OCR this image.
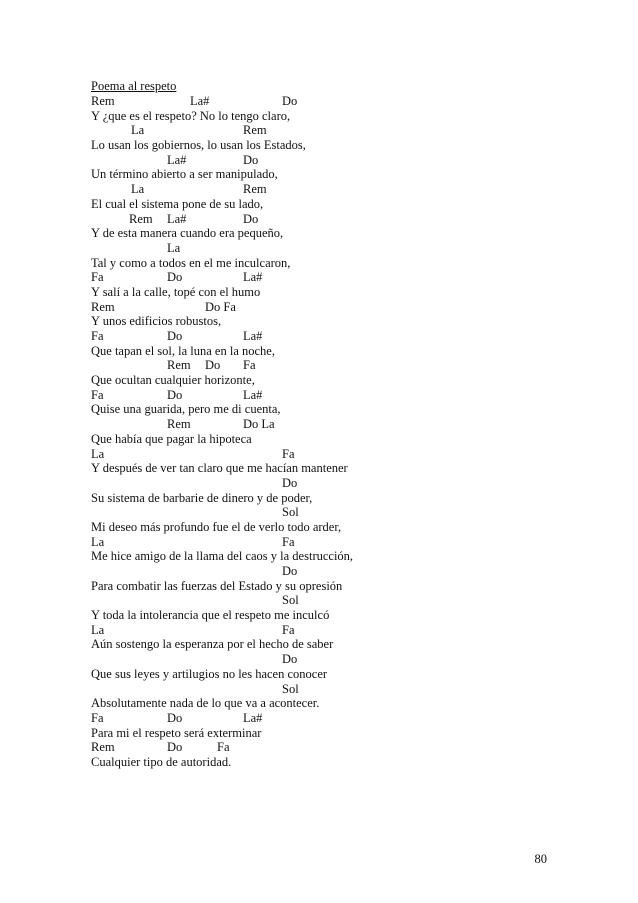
Poema al respeto
Rem	La#	Do
Y ¿que es el respeto? No lo tengo claro,
La	Rem
Lo usan los gobiernos, lo usan los Estados,
La#	Do
Un término abierto a ser manipulado,
La	Rem
El cual el sistema pone de su lado,
Rem La#	Do
Y de esta manera cuando era pequeño,
La
Tal y como a todos en el me inculcaron,
Fa	Do	La#
Y salí a la calle, topé con el humo
Rem	Do Fa
Y unos edificios robustos,
Fa	Do	La#
Que tapan el sol, la luna en la noche,
Rem Do Fa
Que ocultan cualquier horizonte,
Fa	Do	La#
Quise una guarida, pero me di cuenta,
Rem	Do La
Que había que pagar la hipoteca
La	Fa
Y después de ver tan claro que me hacían mantener
Do
Su sistema de barbarie de dinero y de poder,
Sol
Mi deseo más profundo fue el de verlo todo arder,
La	Fa
Me hice amigo de la llama del caos y la destrucción,
Do
Para combatir las fuerzas del Estado y su opresión
Sol
Y toda la intolerancia que el respeto me inculcó
La	Fa
Aún sostengo la esperanza por el hecho de saber
Do
Que sus leyes y artilugios no les hacen conocer
Sol
Absolutamente nada de lo que va a acontecer.
Fa	Do	La#
Para mi el respeto será exterminar
Rem	Do	Fa
Cualquier tipo de autoridad.
80
